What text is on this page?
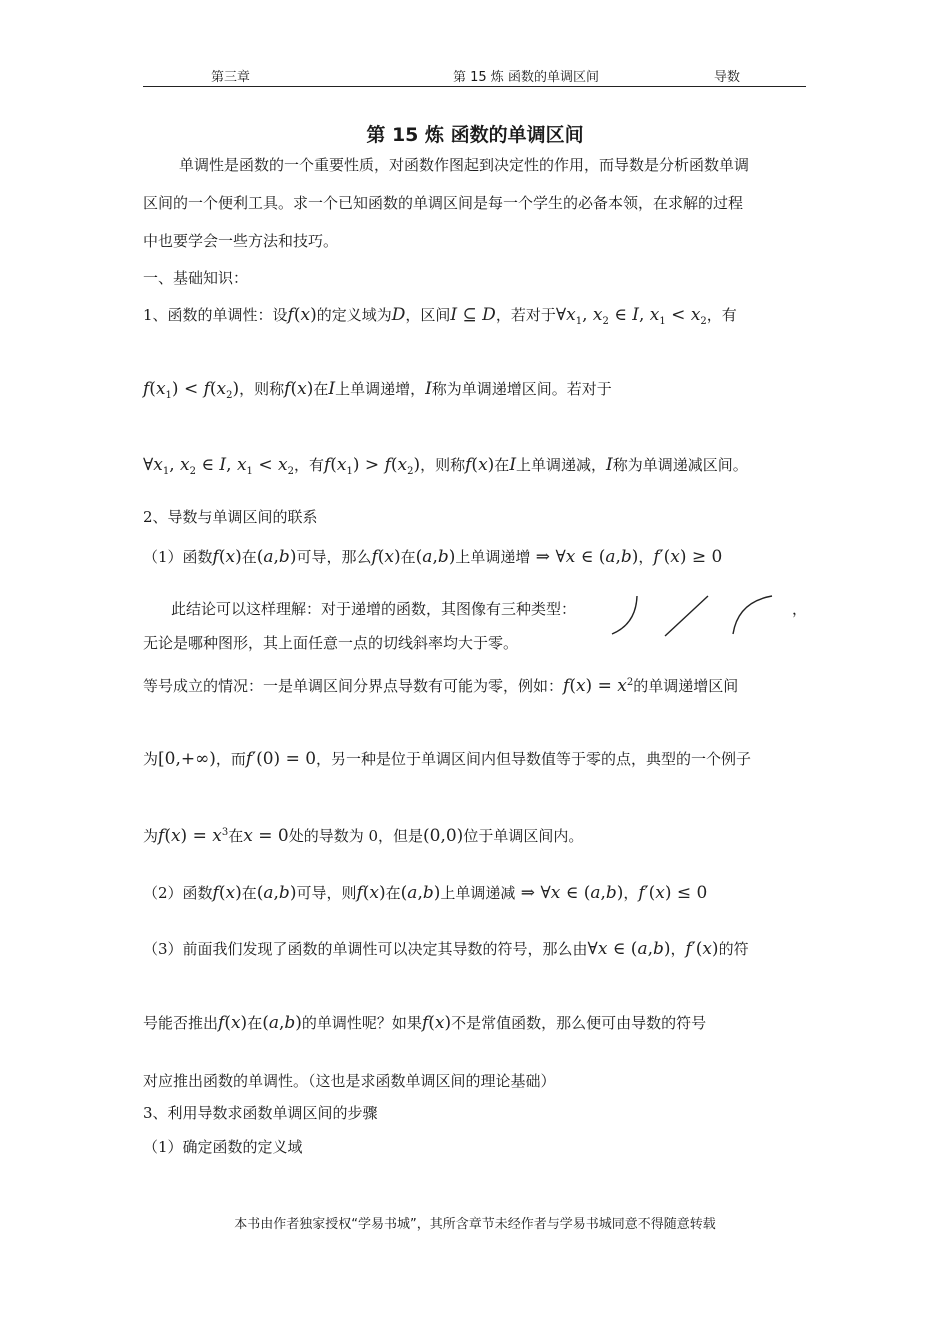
第三章	第 15 炼 函数的单调区间	导数
第 15 炼 函数的单调区间
单调性是函数的一个重要性质，对函数作图起到决定性的作用，而导数是分析函数单调
区间的一个便利工具。求一个已知函数的单调区间是每一个学生的必备本领，在求解的过程
中也要学会一些方法和技巧。
一、基础知识：
1、函数的单调性：设f(x)的定义域为D，区间I ⊆ D，若对于$\forall x_1$, $x_2$ ∈ I, $x_1 < x_2$，有
$f(x_1) < f(x_2)$，则称f(x)在I上单调递增，I称为单调递增区间。若对于
$\forall x_1$, $x_2$ ∈ I, $x_1 < x_2$，有$f(x_1) > f(x_2)$，则称f(x)在I上单调递减，I称为单调递减区间。
2、导数与单调区间的联系
（1）函数f(x)在(a,b)可导，那么f(x)在(a,b)上单调递增 ⇒ ∀x ∈ (a,b)，f′(x) ≥ 0
此结论可以这样理解：对于递增的函数，其图像有三种类型：	，
无论是哪种图形，其上面任意一点的切线斜率均大于零。
等号成立的情况：一是单调区间分界点导数有可能为零，例如：$f(x) = x^2$的单调递增区间
为[0,+∞)，而f′(0) = 0，另一种是位于单调区间内但导数值等于零的点，典型的一个例子
为$f(x) = x^3$在x = 0处的导数为 0，但是(0,0)位于单调区间内。
（2）函数f(x)在(a,b)可导，则f(x)在(a,b)上单调递减 ⇒ ∀x ∈ (a,b)，f′(x) ≤ 0
（3）前面我们发现了函数的单调性可以决定其导数的符号，那么由∀x ∈ (a,b)，f′(x)的符
号能否推出f(x)在(a,b)的单调性呢？如果f(x)不是常值函数，那么便可由导数的符号
对应推出函数的单调性。（这也是求函数单调区间的理论基础）
3、利用导数求函数单调区间的步骤
（1）确定函数的定义域
本书由作者独家授权“学易书城”，其所含章节未经作者与学易书城同意不得随意转载
